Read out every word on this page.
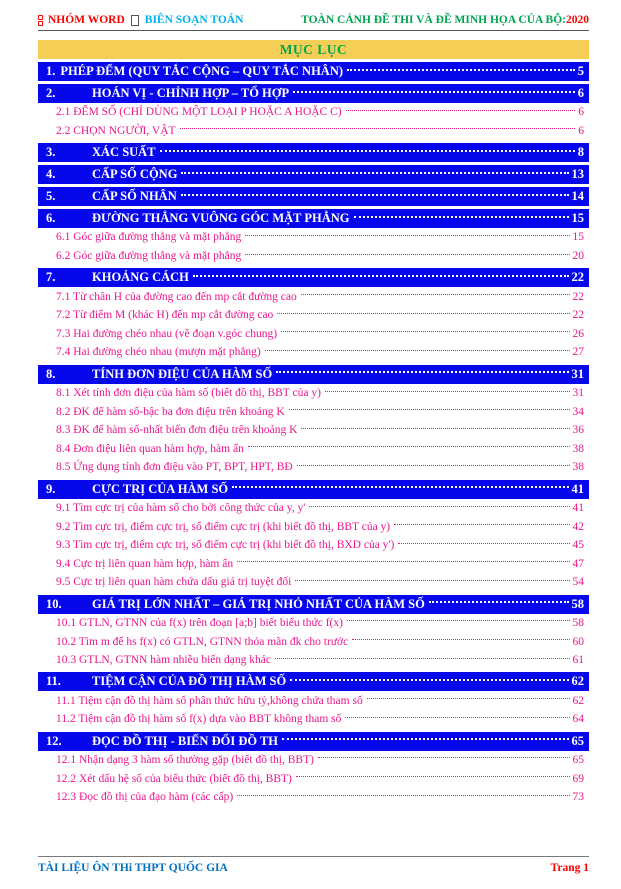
NHÓM WORD BIÊN SOẠN TOÁN	TOÀN CẢNH ĐỀ THI VÀ ĐỀ MINH HỌA CỦA BỘ:2020
MỤC LỤC
1. PHÉP ĐẾM (QUY TẮC CỘNG – QUY TẮC NHÂN)	5
2.	HOÁN VỊ - CHỈNH HỢP – TỔ HỢP	6
2.1 ĐẾM SỐ (CHỈ DÙNG MỘT LOẠI P HOẶC A HOẶC C)	6
2.2 CHỌN NGƯỜI, VẬT	6
3.	XÁC SUẤT	8
4.	CẤP SỐ CỘNG	13
5.	CẤP SỐ NHÂN	14
6.	ĐƯỜNG THẲNG VUÔNG GÓC MẶT PHẲNG	15
6.1 Góc giữa đường thẳng và mặt phẳng	15
6.2 Góc giữa đường thẳng và mặt phẳng	20
7.	KHOẢNG CÁCH	22
7.1 Từ chân H của đường cao đến mp cắt đường cao	22
7.2 Từ điểm M (khác H) đến mp cắt đường cao	22
7.3 Hai đường chéo nhau (vẽ đoạn v.góc chung)	26
7.4 Hai đường chéo nhau (mượn mặt phẳng)	27
8.	TÍNH ĐƠN ĐIỆU CỦA HÀM SỐ	31
8.1 Xét tính đơn điệu của hàm số (biết đồ thị, BBT của y)	31
8.2 ĐK để hàm số-bậc ba đơn điệu trên khoảng K	34
8.3 ĐK để hàm số-nhất biến đơn điệu trên khoảng K	36
8.4 Đơn điệu liên quan hàm hợp, hàm ẩn	38
8.5 Ứng dụng tính đơn điệu vào PT, BPT, HPT, BĐ	38
9.	CỰC TRỊ CỦA HÀM SỐ	41
9.1 Tìm cực trị của hàm số cho bởi công thức của y, y'	41
9.2 Tìm cực trị, điểm cực trị, số điểm cực trị (khi biết đồ thị, BBT của y)	42
9.3 Tìm cực trị, điểm cực trị, số điểm cực trị (khi biết đồ thị, BXD của y')	45
9.4 Cực trị liên quan hàm hợp, hàm ẩn	47
9.5 Cực trị liên quan hàm chứa dấu giá trị tuyệt đối	54
10.	GIÁ TRỊ LỚN NHẤT – GIÁ TRỊ NHỎ NHẤT CỦA HÀM SỐ	58
10.1 GTLN, GTNN của f(x) trên đoạn [a;b] biết biểu thức f(x)	58
10.2 Tìm m để hs f(x) có GTLN, GTNN thỏa mãn đk cho trước	60
10.3 GTLN, GTNN hàm nhiều biến dạng khác	61
11.	TIỆM CẬN CỦA ĐỒ THỊ HÀM SỐ	62
11.1 Tiệm cận đồ thị hàm số phân thức hữu tỷ,không chứa tham số	62
11.2 Tiệm cận đồ thị hàm số f(x) dựa vào BBT không tham số	64
12.	ĐỌC ĐỒ THỊ - BIẾN ĐỔI ĐỒ TH	65
12.1 Nhận dạng 3 hàm số thường gặp (biết đồ thị, BBT)	65
12.2 Xét dấu hệ số của biểu thức (biết đồ thị, BBT)	69
12.3 Đọc đồ thị của đạo hàm (các cấp)	73
TÀI LIỆU ÔN THi THPT QUỐC GIA	Trang 1
